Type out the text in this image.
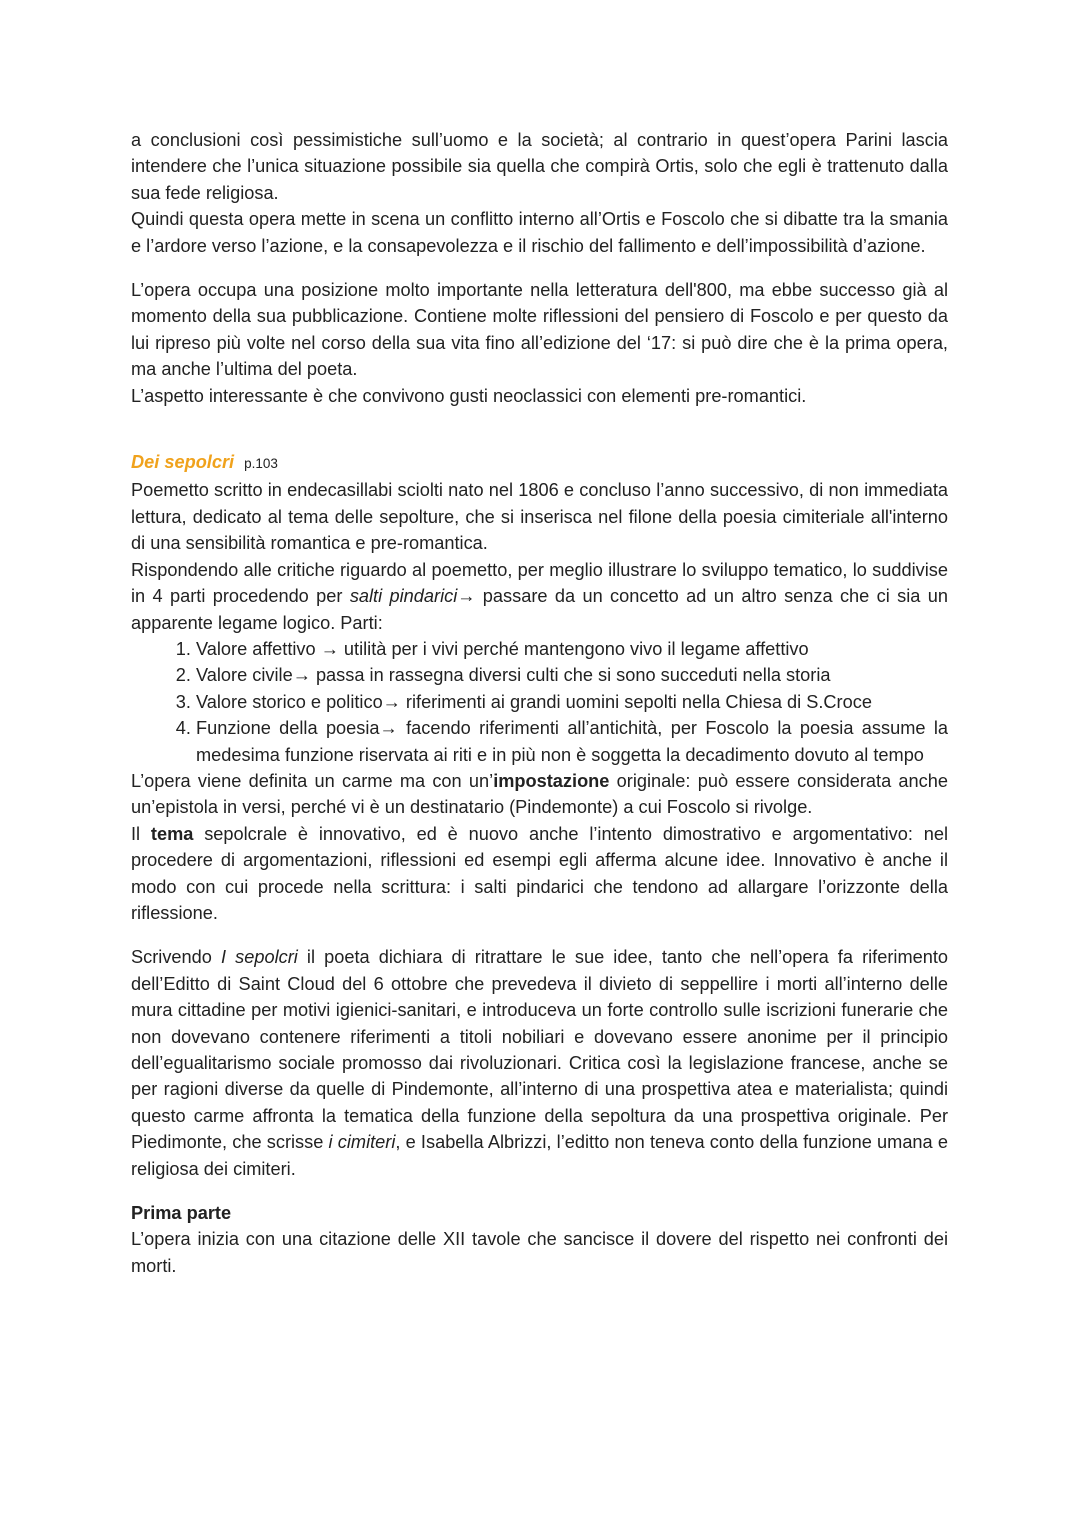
a conclusioni così pessimistiche sull’uomo e la società; al contrario in quest’opera Parini lascia intendere che l’unica situazione possibile sia quella che compirà Ortis, solo che egli è trattenuto dalla sua fede religiosa.

Quindi questa opera mette in scena un conflitto interno all’Ortis e Foscolo che si dibatte tra la smania e l’ardore verso l’azione, e la consapevolezza e il rischio del fallimento e dell’impossibilità d’azione.

L’opera occupa una posizione molto importante nella letteratura dell'800, ma ebbe successo già al momento della sua pubblicazione. Contiene molte riflessioni del pensiero di Foscolo e per questo da lui ripreso più volte nel corso della sua vita fino all’edizione del ‘17: si può dire che è la prima opera, ma anche l’ultima del poeta.

L’aspetto interessante è che convivono gusti neoclassici con elementi pre-romantici.

Dei sepolcri p.103

Poemetto scritto in endecasillabi sciolti nato nel 1806 e concluso l’anno successivo, di non immediata lettura, dedicato al tema delle sepolture, che si inserisca nel filone della poesia cimiteriale all'interno di una sensibilità romantica e pre-romantica.

Rispondendo alle critiche riguardo al poemetto, per meglio illustrare lo sviluppo tematico, lo suddivise in 4 parti procedendo per salti pindarici→ passare da un concetto ad un altro senza che ci sia un apparente legame logico. Parti:

1. Valore affettivo → utilità per i vivi perché mantengono vivo il legame affettivo
2. Valore civile→ passa in rassegna diversi culti che si sono succeduti nella storia
3. Valore storico e politico→ riferimenti ai grandi uomini sepolti nella Chiesa di S.Croce
4. Funzione della poesia→ facendo riferimenti all’antichità, per Foscolo la poesia assume la medesima funzione riservata ai riti e in più non è soggetta la decadimento dovuto al tempo

L’opera viene definita un carme ma con un’impostazione originale: può essere considerata anche un’epistola in versi, perché vi è un destinatario (Pindemonte) a cui Foscolo si rivolge.

Il tema sepolcrale è innovativo, ed è nuovo anche l’intento dimostrativo e argomentativo: nel procedere di argomentazioni, riflessioni ed esempi egli afferma alcune idee. Innovativo è anche il modo con cui procede nella scrittura: i salti pindarici che tendono ad allargare l’orizzonte della riflessione.

Scrivendo I sepolcri il poeta dichiara di ritrattare le sue idee, tanto che nell’opera fa riferimento dell’Editto di Saint Cloud del 6 ottobre che prevedeva il divieto di seppellire i morti all’interno delle mura cittadine per motivi igienici-sanitari, e introduceva un forte controllo sulle iscrizioni funerarie che non dovevano contenere riferimenti a titoli nobiliari e dovevano essere anonime per il principio dell’egualitarismo sociale promosso dai rivoluzionari. Critica così la legislazione francese, anche se per ragioni diverse da quelle di Pindemonte, all’interno di una prospettiva atea e materialista; quindi questo carme affronta la tematica della funzione della sepoltura da una prospettiva originale. Per Piedimonte, che scrisse i cimiteri, e Isabella Albrizzi, l’editto non teneva conto della funzione umana e religiosa dei cimiteri.

Prima parte

L’opera inizia con una citazione delle XII tavole che sancisce il dovere del rispetto nei confronti dei morti.
